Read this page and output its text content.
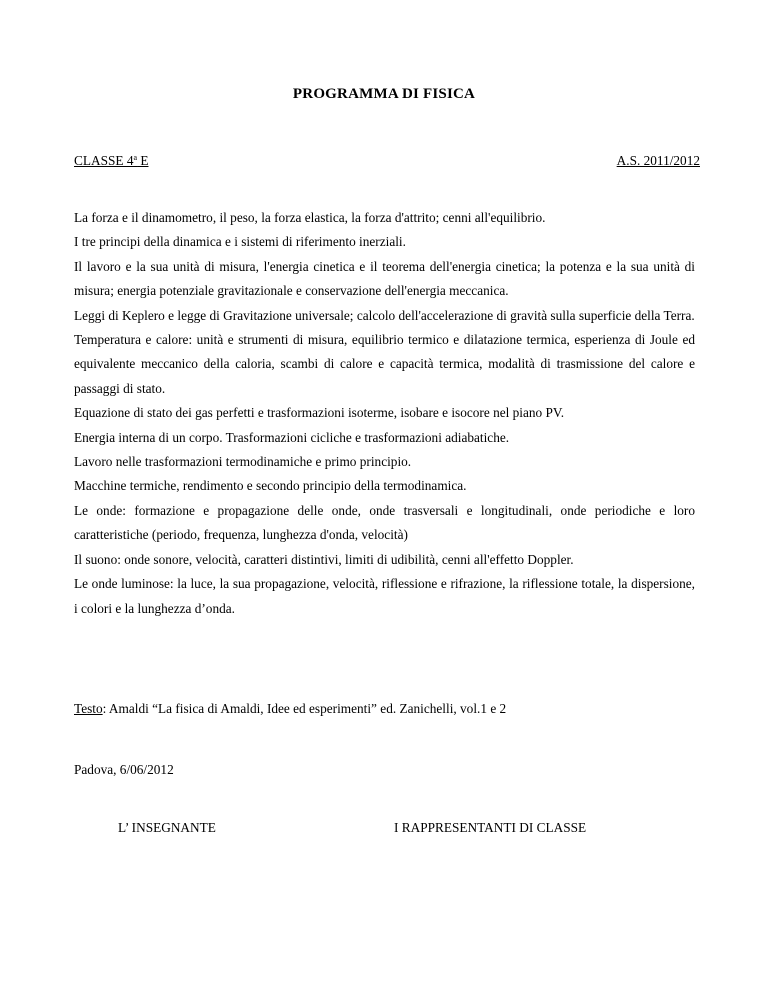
PROGRAMMA DI FISICA
CLASSE 4$^a$ E	A.S. 2011/2012

La forza e il dinamometro, il peso, la forza elastica, la forza d'attrito; cenni all'equilibrio.

I tre principi della dinamica e i sistemi di riferimento inerziali.

Il lavoro e la sua unità di misura, l'energia cinetica e il teorema dell'energia cinetica; la potenza e la sua unità di misura; energia potenziale gravitazionale e conservazione dell'energia meccanica.

Leggi di Keplero e legge di Gravitazione universale; calcolo dell'accelerazione di gravità sulla superficie della Terra.

Temperatura e calore: unità e strumenti di misura, equilibrio termico e dilatazione termica, esperienza di Joule ed equivalente meccanico della caloria, scambi di calore e capacità termica, modalità di trasmissione del calore e passaggi di stato.

Equazione di stato dei gas perfetti e trasformazioni isoterme, isobare e isocore nel piano PV.

Energia interna di un corpo. Trasformazioni cicliche e trasformazioni adiabatiche.

Lavoro nelle trasformazioni termodinamiche e primo principio.

Macchine termiche, rendimento e secondo principio della termodinamica.

Le onde: formazione e propagazione delle onde, onde trasversali e longitudinali, onde periodiche e loro caratteristiche (periodo, frequenza, lunghezza d'onda, velocità)

Il suono: onde sonore, velocità, caratteri distintivi, limiti di udibilità, cenni all'effetto Doppler.

Le onde luminose: la luce, la sua propagazione, velocità, riflessione e rifrazione, la riflessione totale, la dispersione, i colori e la lunghezza d’onda.

Testo: Amaldi “La fisica di Amaldi, Idee ed esperimenti” ed. Zanichelli, vol.1 e 2
Padova, 6/06/2012
L’ INSEGNANTE	I RAPPRESENTANTI DI CLASSE
